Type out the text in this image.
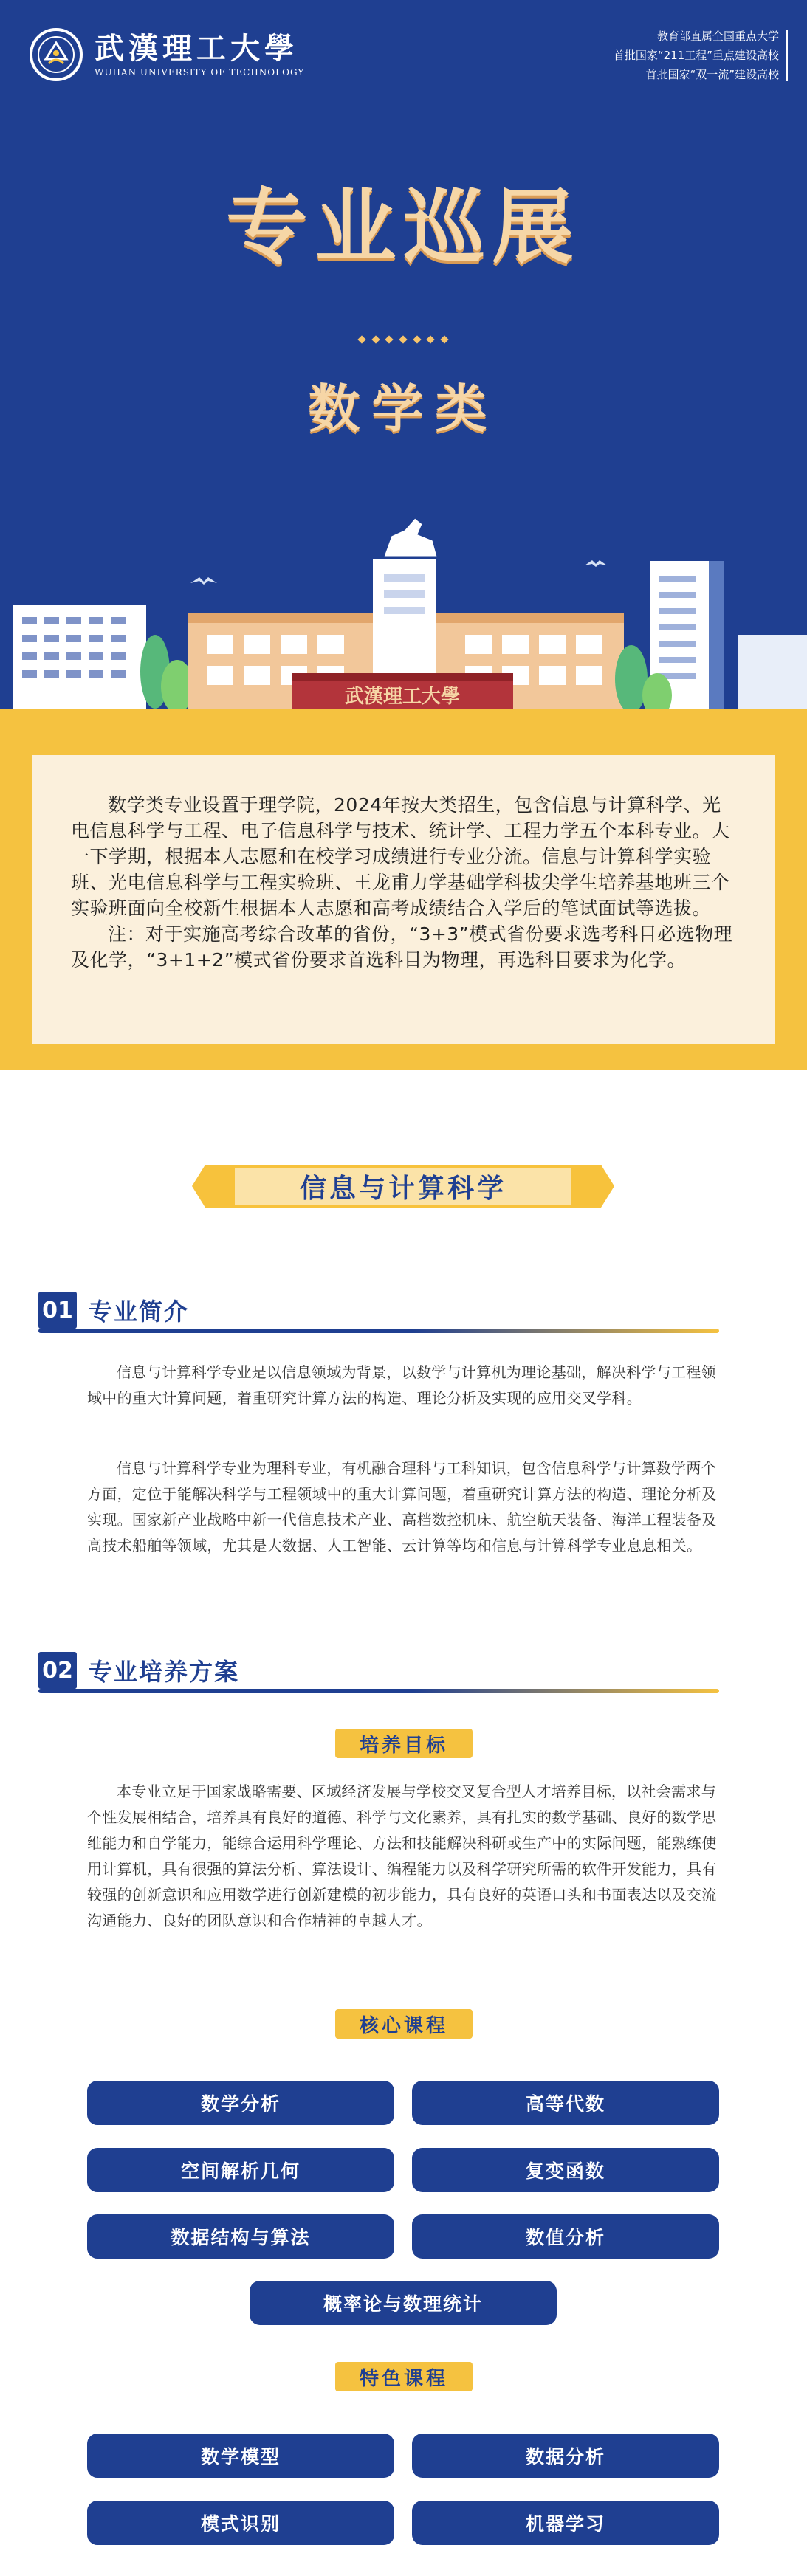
武漢理工大學
WUHAN UNIVERSITY OF TECHNOLOGY
教育部直属全国重点大学
首批国家“211工程”重点建设高校
首批国家“双一流”建设高校
专业巡展
数学类
武漢理工大學

数学类专业设置于理学院，2024年按大类招生，包含信息与计算科学、光电信息科学与工程、电子信息科学与技术、统计学、工程力学五个本科专业。大一下学期，根据本人志愿和在校学习成绩进行专业分流。信息与计算科学实验班、光电信息科学与工程实验班、王龙甫力学基础学科拔尖学生培养基地班三个实验班面向全校新生根据本人志愿和高考成绩结合入学后的笔试面试等选拔。

注：对于实施高考综合改革的省份，“3+3”模式省份要求选考科目必选物理及化学，“3+1+2”模式省份要求首选科目为物理，再选科目要求为化学。

信息与计算科学
01 专业简介

信息与计算科学专业是以信息领域为背景，以数学与计算机为理论基础，解决科学与工程领域中的重大计算问题，着重研究计算方法的构造、理论分析及实现的应用交叉学科。

信息与计算科学专业为理科专业，有机融合理科与工科知识，包含信息科学与计算数学两个方面，定位于能解决科学与工程领域中的重大计算问题，着重研究计算方法的构造、理论分析及实现。国家新产业战略中新一代信息技术产业、高档数控机床、航空航天装备、海洋工程装备及高技术船舶等领域，尤其是大数据、人工智能、云计算等均和信息与计算科学专业息息相关。

02 专业培养方案
培养目标

本专业立足于国家战略需要、区域经济发展与学校交叉复合型人才培养目标，以社会需求与个性发展相结合，培养具有良好的道德、科学与文化素养，具有扎实的数学基础、良好的数学思维能力和自学能力，能综合运用科学理论、方法和技能解决科研或生产中的实际问题，能熟练使用计算机，具有很强的算法分析、算法设计、编程能力以及科学研究所需的软件开发能力，具有较强的创新意识和应用数学进行创新建模的初步能力，具有良好的英语口头和书面表达以及交流沟通能力、良好的团队意识和合作精神的卓越人才。

核心课程
数学分析	高等代数
空间解析几何	复变函数
数据结构与算法	数值分析
概率论与数理统计
特色课程
数学模型	数据分析
模式识别	机器学习
